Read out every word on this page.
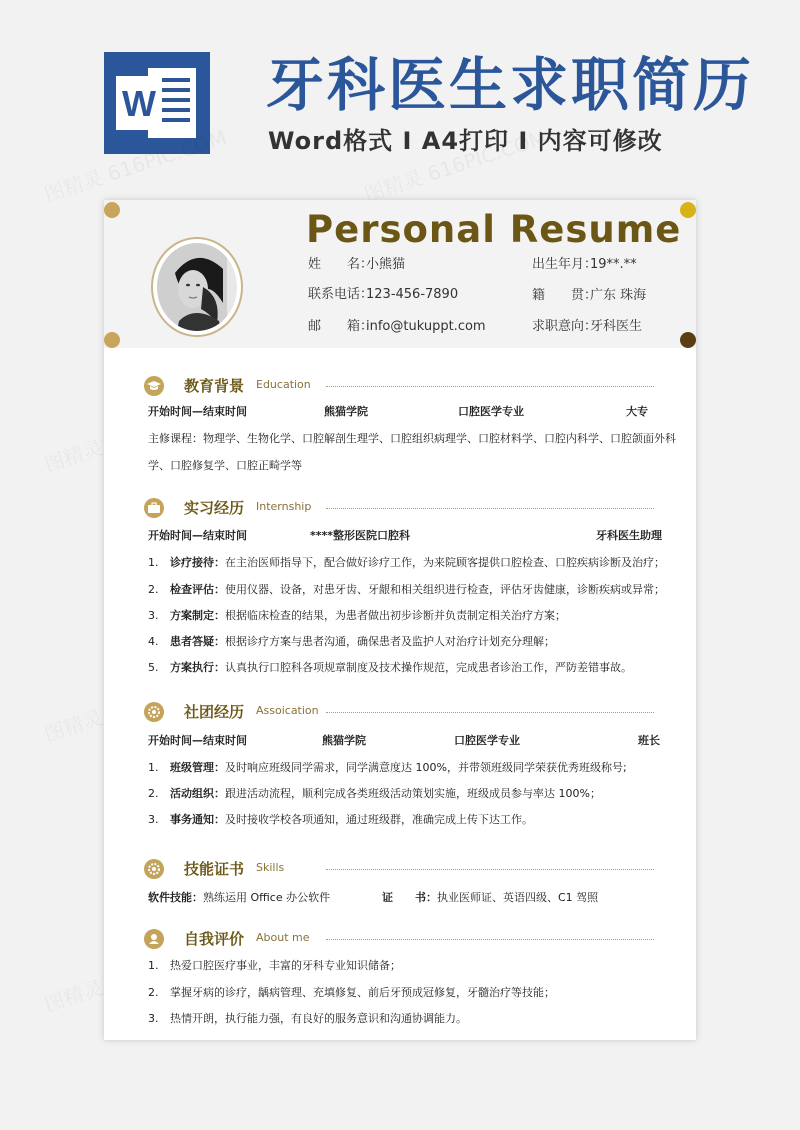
W 牙科医生求职简历
Word格式 I A4打印 I 内容可修改
Personal Resume
姓　　名：小熊猫
联系电话：123-456-7890
邮　　箱：info@tukuppt.com
出生年月：19**.**
籍　　贯：广东 珠海
求职意向：牙科医生
教育背景 Education
开始时间—结束时间	熊猫学院	口腔医学专业	大专
主修课程：物理学、生物化学、口腔解剖生理学、口腔组织病理学、口腔材料学、口腔内科学、口腔颌面外科
学、口腔修复学、口腔正畸学等
实习经历 Internship
开始时间—结束时间	****整形医院口腔科	牙科医生助理
1. 诊疗接待：在主治医师指导下，配合做好诊疗工作，为来院顾客提供口腔检查、口腔疾病诊断及治疗；
2. 检查评估：使用仪器、设备，对患牙齿、牙龈和相关组织进行检查，评估牙齿健康，诊断疾病或异常；
3. 方案制定：根据临床检查的结果，为患者做出初步诊断并负责制定相关治疗方案；
4. 患者答疑：根据诊疗方案与患者沟通，确保患者及监护人对治疗计划充分理解；
5. 方案执行：认真执行口腔科各项规章制度及技术操作规范，完成患者诊治工作，严防差错事故。
社团经历 Assoication
开始时间—结束时间	熊猫学院	口腔医学专业	班长
1. 班级管理：及时响应班级同学需求，同学满意度达 100%，并带领班级同学荣获优秀班级称号;
2. 活动组织：跟进活动流程，顺利完成各类班级活动策划实施，班级成员参与率达 100%；
3. 事务通知：及时接收学校各项通知，通过班级群，准确完成上传下达工作。
技能证书 Skills
软件技能：熟练运用 Office 办公软件	证　　书：执业医师证、英语四级、C1 驾照
自我评价 About me
1. 热爱口腔医疗事业，丰富的牙科专业知识储备；
2. 掌握牙病的诊疗，龋病管理、充填修复、前后牙预成冠修复，牙髓治疗等技能；
3. 热情开朗，执行能力强，有良好的服务意识和沟通协调能力。
